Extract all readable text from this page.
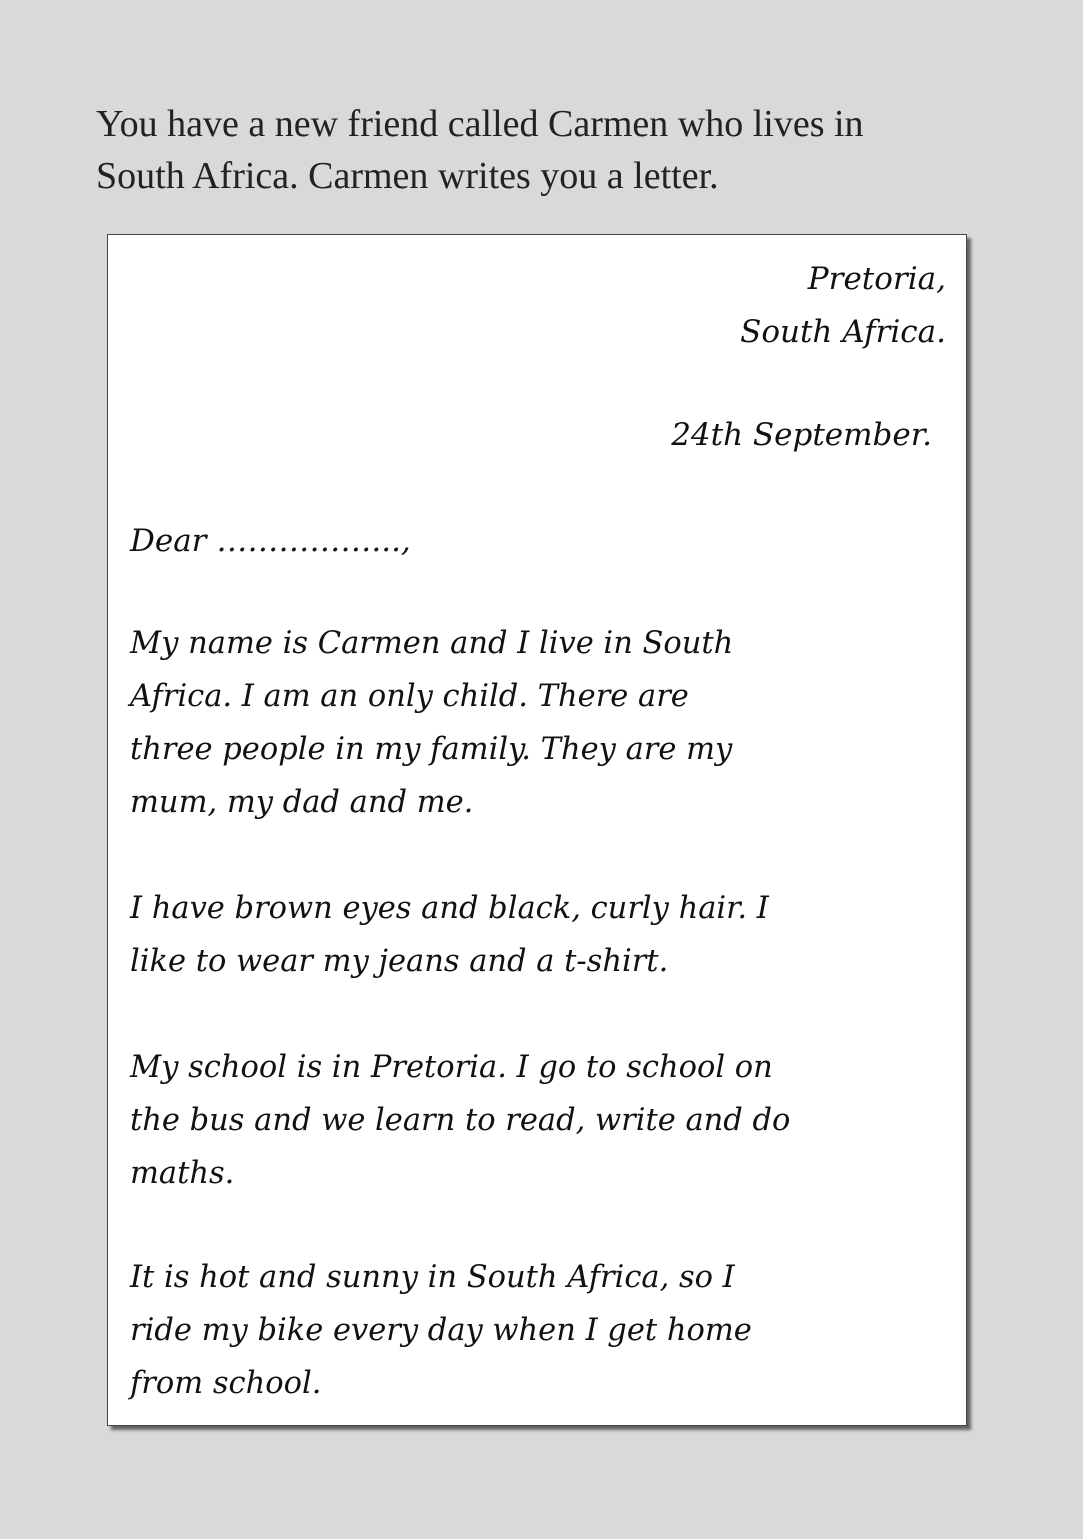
You have a new friend called Carmen who lives in

South Africa. Carmen writes you a letter.

Pretoria,
South Africa.
24th September.
Dear ……………...,
My name is Carmen and I live in South
Africa. I am an only child. There are
three people in my family. They are my
mum, my dad and me.
I have brown eyes and black, curly hair. I
like to wear my jeans and a t-shirt.
My school is in Pretoria. I go to school on
the bus and we learn to read, write and do
maths.
It is hot and sunny in South Africa, so I
ride my bike every day when I get home
from school.
